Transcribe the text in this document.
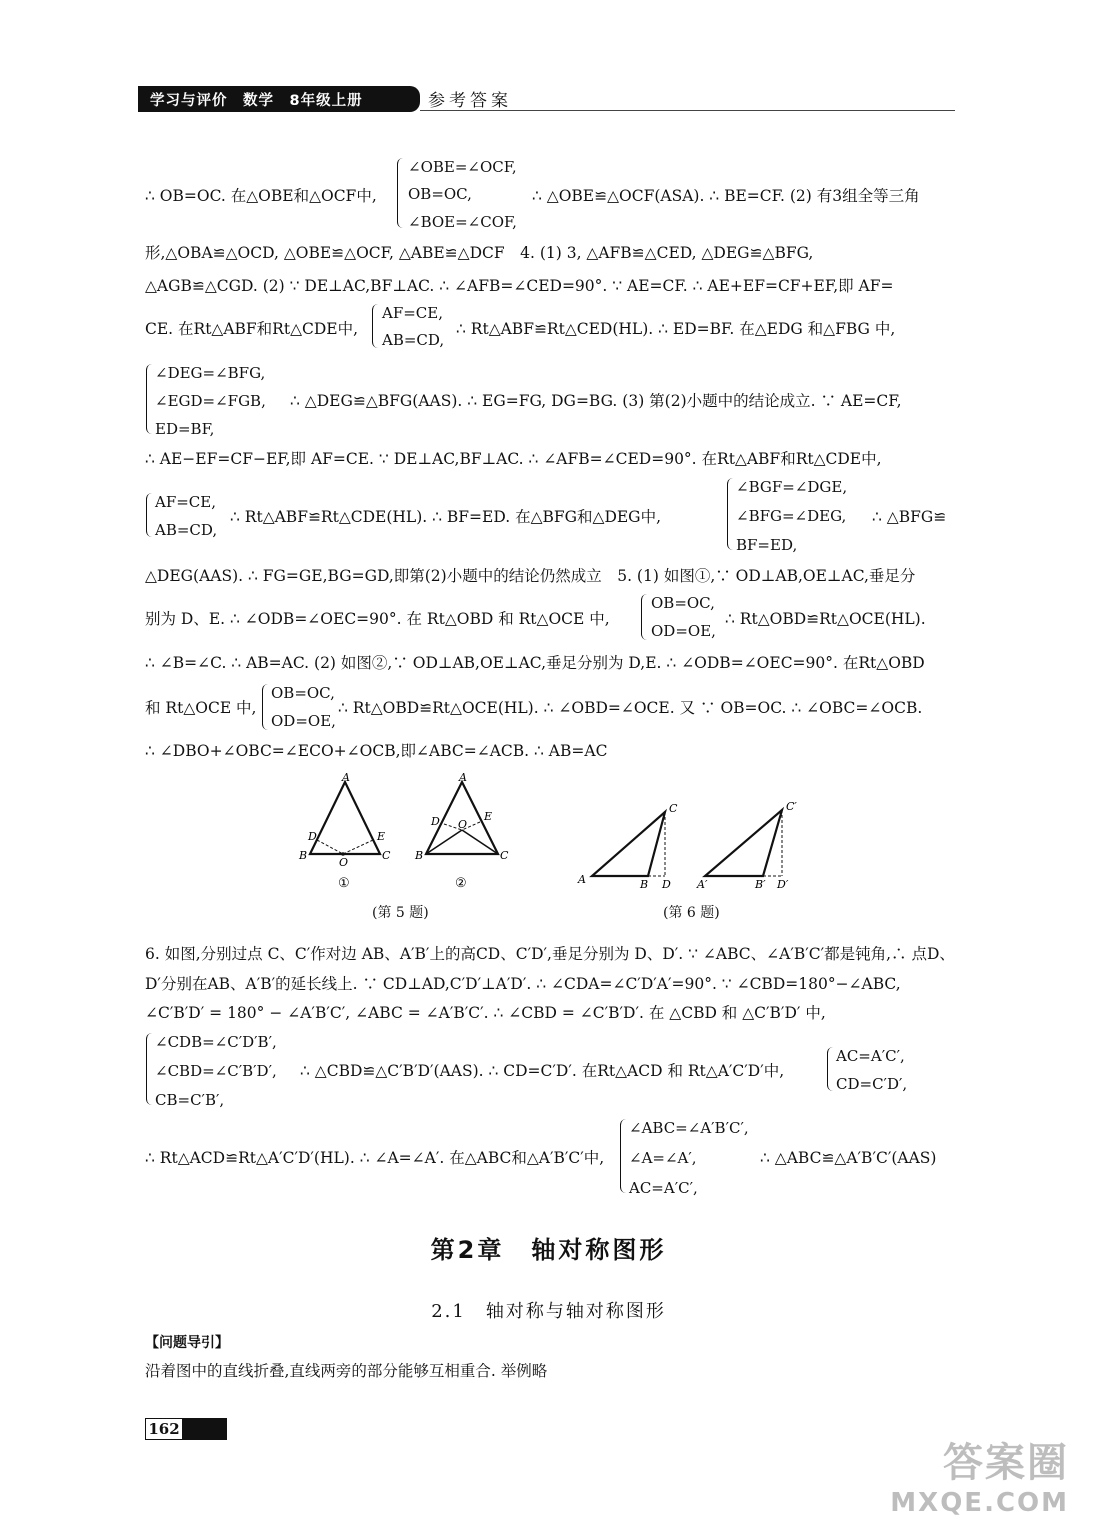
学习与评价　数学　8年级上册	参考答案
∴ OB=OC. 在△OBE和△OCF中,
∠OBE=∠OCF,
OB=OC,
∠BOE=∠COF,
∴ △OBE≌△OCF(ASA). ∴ BE=CF. (2) 有3组全等三角
形,△OBA≌△OCD, △OBE≌△OCF, △ABE≌△DCF　4. (1) 3, △AFB≌△CED, △DEG≌△BFG,
△AGB≌△CGD. (2) ∵ DE⊥AC,BF⊥AC. ∴ ∠AFB=∠CED=90°. ∵ AE=CF. ∴ AE+EF=CF+EF,即 AF=
CE. 在Rt△ABF和Rt△CDE中,
AF=CE,
AB=CD,
∴ Rt△ABF≌Rt△CED(HL). ∴ ED=BF. 在△EDG 和△FBG 中,
∠DEG=∠BFG,
∠EGD=∠FGB,
ED=BF,
∴ △DEG≌△BFG(AAS). ∴ EG=FG, DG=BG. (3) 第(2)小题中的结论成立. ∵ AE=CF,
∴ AE−EF=CF−EF,即 AF=CE. ∵ DE⊥AC,BF⊥AC. ∴ ∠AFB=∠CED=90°. 在Rt△ABF和Rt△CDE中,
AF=CE,
AB=CD,
∴ Rt△ABF≌Rt△CDE(HL). ∴ BF=ED. 在△BFG和△DEG中,
∠BGF=∠DGE,
∠BFG=∠DEG,
BF=ED,
∴ △BFG≌
△DEG(AAS). ∴ FG=GE,BG=GD,即第(2)小题中的结论仍然成立　5. (1) 如图①,∵ OD⊥AB,OE⊥AC,垂足分
别为 D、E. ∴ ∠ODB=∠OEC=90°. 在 Rt△OBD 和 Rt△OCE 中,
OB=OC,
OD=OE,
∴ Rt△OBD≌Rt△OCE(HL).
∴ ∠B=∠C. ∴ AB=AC. (2) 如图②,∵ OD⊥AB,OE⊥AC,垂足分别为 D,E. ∴ ∠ODB=∠OEC=90°. 在Rt△OBD
和 Rt△OCE 中,
OB=OC,
OD=OE,
∴ Rt△OBD≌Rt△OCE(HL). ∴ ∠OBD=∠OCE. 又 ∵ OB=OC. ∴ ∠OBC=∠OCB.
∴ ∠DBO+∠OBC=∠ECO+∠OCB,即∠ABC=∠ACB. ∴ AB=AC
A
B	C
D	E
O
①
A
B	C
D	E
O
②	A	B
C
D A′	B′
C′
D′
(第 5 题)	(第 6 题)
6. 如图,分别过点 C、C′作对边 AB、A′B′上的高CD、C′D′,垂足分别为 D、D′. ∵ ∠ABC、∠A′B′C′都是钝角,∴ 点D、
D′分别在AB、A′B′的延长线上. ∵ CD⊥AD,C′D′⊥A′D′. ∴ ∠CDA=∠C′D′A′=90°. ∵ ∠CBD=180°−∠ABC,
∠C′B′D′ = 180° − ∠A′B′C′, ∠ABC = ∠A′B′C′. ∴ ∠CBD = ∠C′B′D′. 在 △CBD 和 △C′B′D′ 中,
∠CDB=∠C′D′B′,
∠CBD=∠C′B′D′,
CB=C′B′,
∴ △CBD≌△C′B′D′(AAS). ∴ CD=C′D′. 在Rt△ACD 和 Rt△A′C′D′中,
AC=A′C′,
CD=C′D′,
∴ Rt△ACD≌Rt△A′C′D′(HL). ∴ ∠A=∠A′. 在△ABC和△A′B′C′中,
∠ABC=∠A′B′C′,
∠A=∠A′,
AC=A′C′,
∴ △ABC≌△A′B′C′(AAS)
第2章　轴对称图形
2.1　轴对称与轴对称图形
【问题导引】
沿着图中的直线折叠,直线两旁的部分能够互相重合. 举例略
162
答案圈
MXQE.COM
